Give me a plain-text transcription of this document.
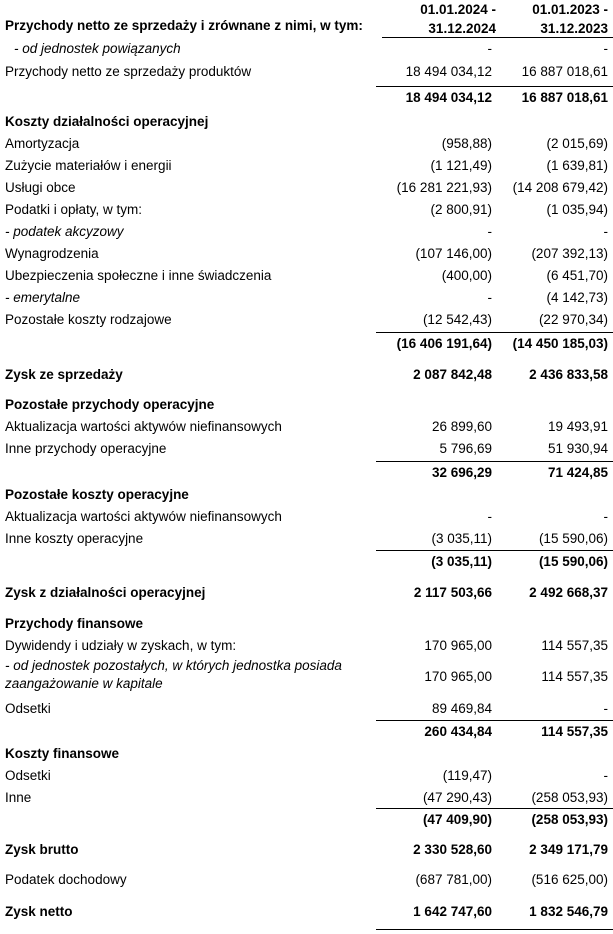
01.01.2024 -
31.12.2024
01.01.2023 -
31.12.2023
Przychody netto ze sprzedaży i zrównane z nimi, w tym:
- od jednostek powiązanych	-	-
Przychody netto ze sprzedaży produktów	18 494 034,12	16 887 018,61
18 494 034,12	16 887 018,61
Koszty działalności operacyjnej
Amortyzacja	(958,88)	(2 015,69)
Zużycie materiałów i energii	(1 121,49)	(1 639,81)
Usługi obce	(16 281 221,93)	(14 208 679,42)
Podatki i opłaty, w tym:	(2 800,91)	(1 035,94)
- podatek akcyzowy	-	-
Wynagrodzenia	(107 146,00)	(207 392,13)
Ubezpieczenia społeczne i inne świadczenia	(400,00)	(6 451,70)
- emerytalne	-	(4 142,73)
Pozostałe koszty rodzajowe	(12 542,43)	(22 970,34)
(16 406 191,64)	(14 450 185,03)
Zysk ze sprzedaży	2 087 842,48	2 436 833,58
Pozostałe przychody operacyjne
Aktualizacja wartości aktywów niefinansowych	26 899,60	19 493,91
Inne przychody operacyjne	5 796,69	51 930,94
32 696,29	71 424,85
Pozostałe koszty operacyjne
Aktualizacja wartości aktywów niefinansowych	-	-
Inne koszty operacyjne	(3 035,11)	(15 590,06)
(3 035,11)	(15 590,06)
Zysk z działalności operacyjnej	2 117 503,66	2 492 668,37
Przychody finansowe
Dywidendy i udziały w zyskach, w tym:	170 965,00	114 557,35
- od jednostek pozostałych, w których jednostka posiada zaangażowanie w kapitale	170 965,00	114 557,35
Odsetki	89 469,84	-
260 434,84	114 557,35
Koszty finansowe
Odsetki	(119,47)	-
Inne	(47 290,43)	(258 053,93)
(47 409,90)	(258 053,93)
Zysk brutto	2 330 528,60	2 349 171,79
Podatek dochodowy	(687 781,00)	(516 625,00)
Zysk netto	1 642 747,60	1 832 546,79
